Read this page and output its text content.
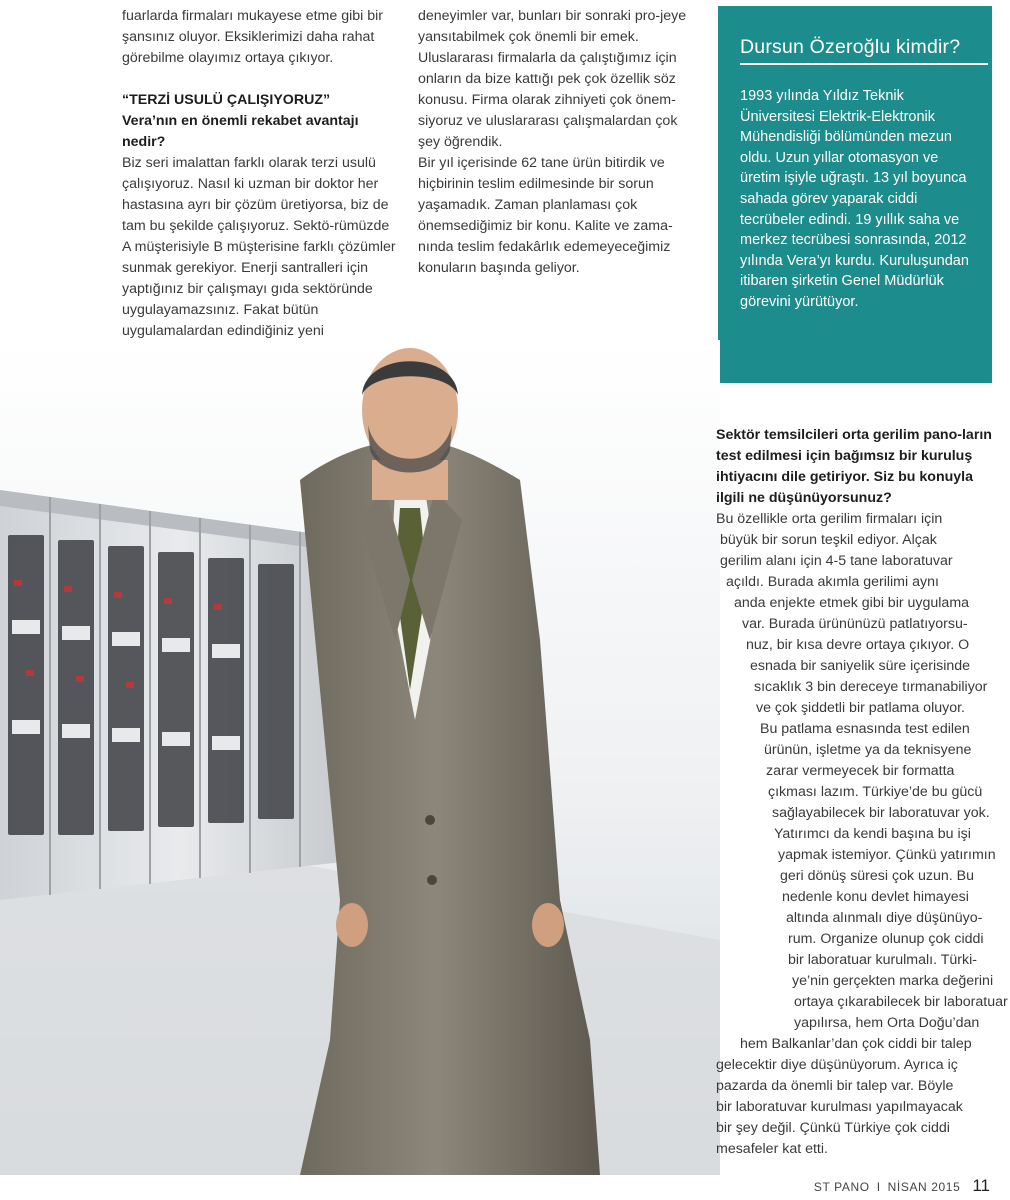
fuarlarda firmaları mukayese etme gibi bir şansınız oluyor. Eksiklerimizi daha rahat görebilme olayımız ortaya çıkıyor.

“TERZİ USULÜ ÇALIŞIYORUZ”

Vera’nın en önemli rekabet avantajı nedir?

Biz seri imalattan farklı olarak terzi usulü çalışıyoruz. Nasıl ki uzman bir doktor her hastasına ayrı bir çözüm üretiyorsa, biz de tam bu şekilde çalışıyoruz. Sektö-rümüzde A müşterisiyle B müşterisine farklı çözümler sunmak gerekiyor. Enerji santralleri için yaptığınız bir çalışmayı gıda sektöründe uygulayamazsınız. Fakat bütün uygulamalardan edindiğiniz yeni

deneyimler var, bunları bir sonraki pro-jeye yansıtabilmek çok önemli bir emek. Uluslararası firmalarla da çalıştığımız için onların da bize kattığı pek çok özellik söz konusu. Firma olarak zihniyeti çok önem-siyoruz ve uluslararası çalışmalardan çok şey öğrendik.

Bir yıl içerisinde 62 tane ürün bitirdik ve hiçbirinin teslim edilmesinde bir sorun yaşamadık. Zaman planlaması çok önemsediğimiz bir konu. Kalite ve zama-nında teslim fedakârlık edemeyeceğimiz konuların başında geliyor.

Dursun Özeroğlu kimdir?
1993 yılında Yıldız Teknik Üniversitesi Elektrik-Elektronik Mühendisliği bölümünden mezun oldu. Uzun yıllar otomasyon ve üretim işiyle uğraştı. 13 yıl boyunca sahada görev yaparak ciddi tecrübeler edindi. 19 yıllık saha ve merkez tecrübesi sonrasında, 2012 yılında Vera’yı kurdu. Kuruluşundan itibaren şirketin Genel Müdürlük görevini yürütüyor.
Sektör temsilcileri orta gerilim pano-ların test edilmesi için bağımsız bir kuruluş ihtiyacını dile getiriyor. Siz bu konuyla ilgili ne düşünüyorsunuz?
Bu özellikle orta gerilim firmaları için
büyük bir sorun teşkil ediyor. Alçak
gerilim alanı için 4-5 tane laboratuvar
açıldı. Burada akımla gerilimi aynı
anda enjekte etmek gibi bir uygulama
var. Burada ürününüzü patlatıyorsu-
nuz, bir kısa devre ortaya çıkıyor. O
esnada bir saniyelik süre içerisinde
sıcaklık 3 bin dereceye tırmanabiliyor
ve çok şiddetli bir patlama oluyor.
Bu patlama esnasında test edilen
ürünün, işletme ya da teknisyene
zarar vermeyecek bir formatta
çıkması lazım. Türkiye’de bu gücü
sağlayabilecek bir laboratuvar yok.
Yatırımcı da kendi başına bu işi
yapmak istemiyor. Çünkü yatırımın
geri dönüş süresi çok uzun. Bu
nedenle konu devlet himayesi
altında alınmalı diye düşünüyo-
rum. Organize olunup çok ciddi
bir laboratuar kurulmalı. Türki-
ye’nin gerçekten marka değerini
ortaya çıkarabilecek bir laboratuar
yapılırsa, hem Orta Doğu’dan
hem Balkanlar’dan çok ciddi bir talep
gelecektir diye düşünüyorum. Ayrıca iç
pazarda da önemli bir talep var. Böyle
bir laboratuvar kurulması yapılmayacak
bir şey değil. Çünkü Türkiye çok ciddi
mesafeler kat etti.
ST PANO I NİSAN 2015 11
